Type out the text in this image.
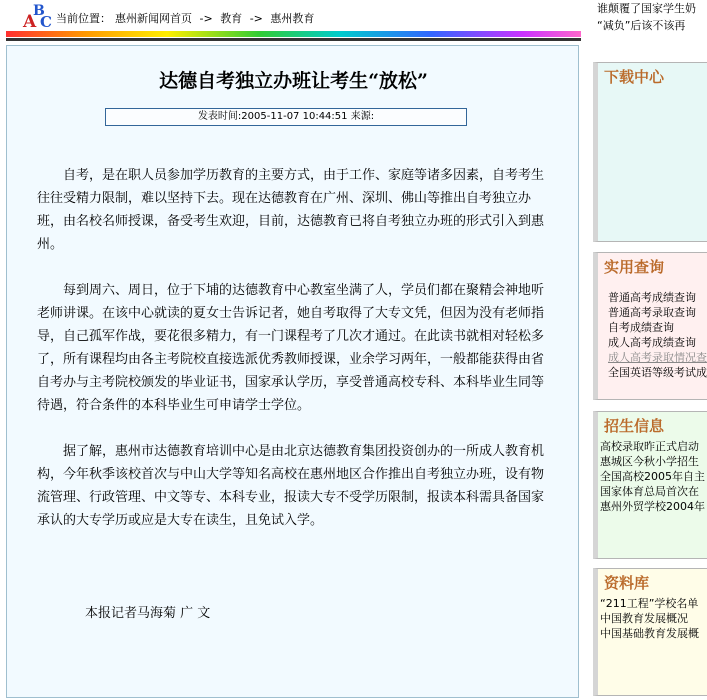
A
B
C 当前位置： 惠州新闻网首页 -> 教育 -> 惠州教育
达德自考独立办班让考生“放松”
发表时间:2005-11-07 10:44:51 来源:

自考，是在职人员参加学历教育的主要方式，由于工作、家庭等诸多因素，自考考生往往受精力限制，难以坚持下去。现在达德教育在广州、深圳、佛山等推出自考独立办班，由名校名师授课，备受考生欢迎，目前，达德教育已将自考独立办班的形式引入到惠州。

每到周六、周日，位于下埔的达德教育中心教室坐满了人，学员们都在聚精会神地听老师讲课。在该中心就读的夏女士告诉记者，她自考取得了大专文凭，但因为没有老师指导，自己孤军作战，要花很多精力，有一门课程考了几次才通过。在此读书就相对轻松多了，所有课程均由各主考院校直接选派优秀教师授课，业余学习两年，一般都能获得由省自考办与主考院校颁发的毕业证书，国家承认学历，享受普通高校专科、本科毕业生同等待遇，符合条件的本科毕业生可申请学士学位。

据了解，惠州市达德教育培训中心是由北京达德教育集团投资创办的一所成人教育机构，今年秋季该校首次与中山大学等知名高校在惠州地区合作推出自考独立办班，设有物流管理、行政管理、中文等专、本科专业，报读大专不受学历限制，报读本科需具备国家承认的大专学历或应是大专在读生，且免试入学。

本报记者马海菊 广 文
谁颠覆了国家学生奶
“减负”后该不该再
下载中心
实用查询
普通高考成绩查询
普通高考录取查询
自考成绩查询
成人高考成绩查询
成人高考录取情况查
全国英语等级考试成
招生信息
高校录取昨正式启动
惠城区今秋小学招生
全国高校2005年自主
国家体育总局首次在
惠州外贸学校2004年
资料库
“211工程”学校名单
中国教育发展概况
中国基础教育发展概
